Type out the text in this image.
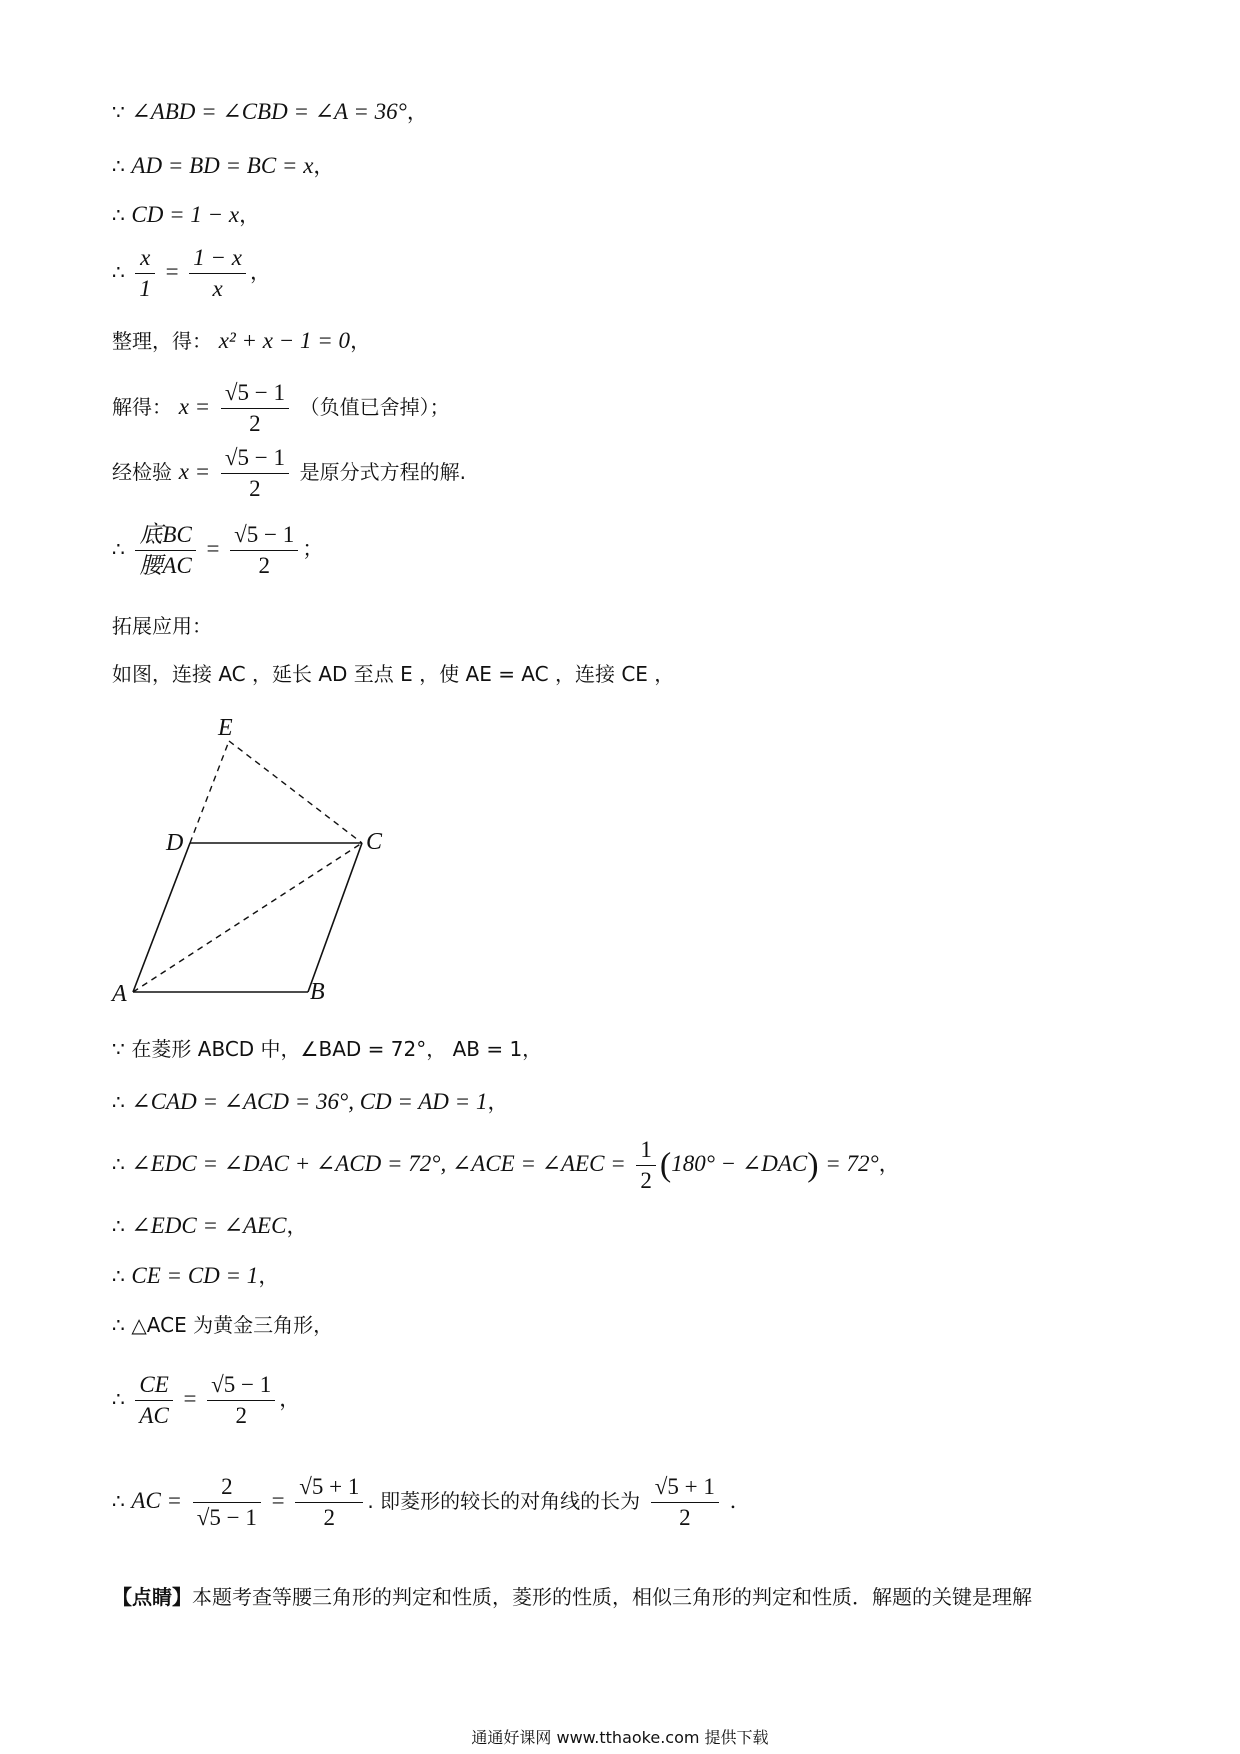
∵ ∠ABD = ∠CBD = ∠A = 36°，
∴ AD = BD = BC = x，
∴ CD = 1 − x，
∴ $\frac{x}{1} = \frac{1 - x}{x}$ ，
整理，得： x² + x − 1 = 0，
解得： $x = \frac{√5 - 1}{2}$ （负值已舍掉）；
经检验 $x = \frac{√5 - 1}{2}$ 是原分式方程的解.
∴ $\frac{\text{底BC}}{\text{腰AC}} = \frac{√5 - 1}{2}$ ；
拓展应用：
如图，连接 AC ，延长 AD 至点 E ，使 AE = AC ，连接 CE ，
E
D	C
A	B
∵ 在菱形 ABCD 中，∠BAD = 72°， AB = 1，
∴ ∠CAD = ∠ACD = 36°, CD = AD = 1，
∴ ∠EDC = ∠DAC + ∠ACD = 72°, ∠ACE = ∠AEC = $\frac{1}{2} (180^\circ$ − ∠DAC) = 72°，
∴ ∠EDC = ∠AEC，
∴ CE = CD = 1，
∴ △ACE 为黄金三角形，
∴ $\frac{CE}{AC} = \frac{√5 - 1}{2}$ ，
∴ AC = $\frac{2}{√5 - 1} = \frac{√5 + 1}{2}$ . 即菱形的较长的对角线的长为 $\frac{√5 + 1}{2}$ .
【点睛】本题考查等腰三角形的判定和性质，菱形的性质，相似三角形的判定和性质．解题的关键是理解
通通好课网 www.tthaoke.com 提供下载
